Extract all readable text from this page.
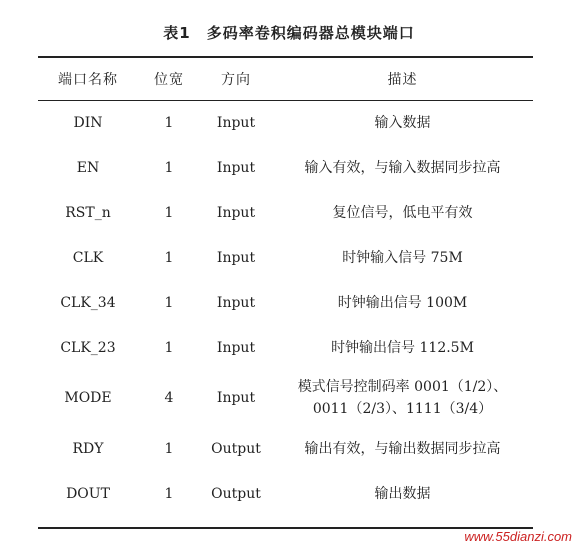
表1　多码率卷积编码器总模块端口
端口名称	位宽	方向	描述
DIN	1	Input	输入数据

EN	1	Input	输入有效，与输入数据同步拉高

RST_n	1	Input	复位信号，低电平有效

CLK	1	Input	时钟输入信号 75M

CLK_34	1	Input	时钟输出信号 100M

CLK_23	1	Input	时钟输出信号 112.5M

MODE	4	Input	模式信号控制码率 0001（1/2）、
0011（2/3）、1111（3/4）

RDY	1	Output	输出有效，与输出数据同步拉高

DOUT	1	Output	输出数据
www.55dianzi.com
